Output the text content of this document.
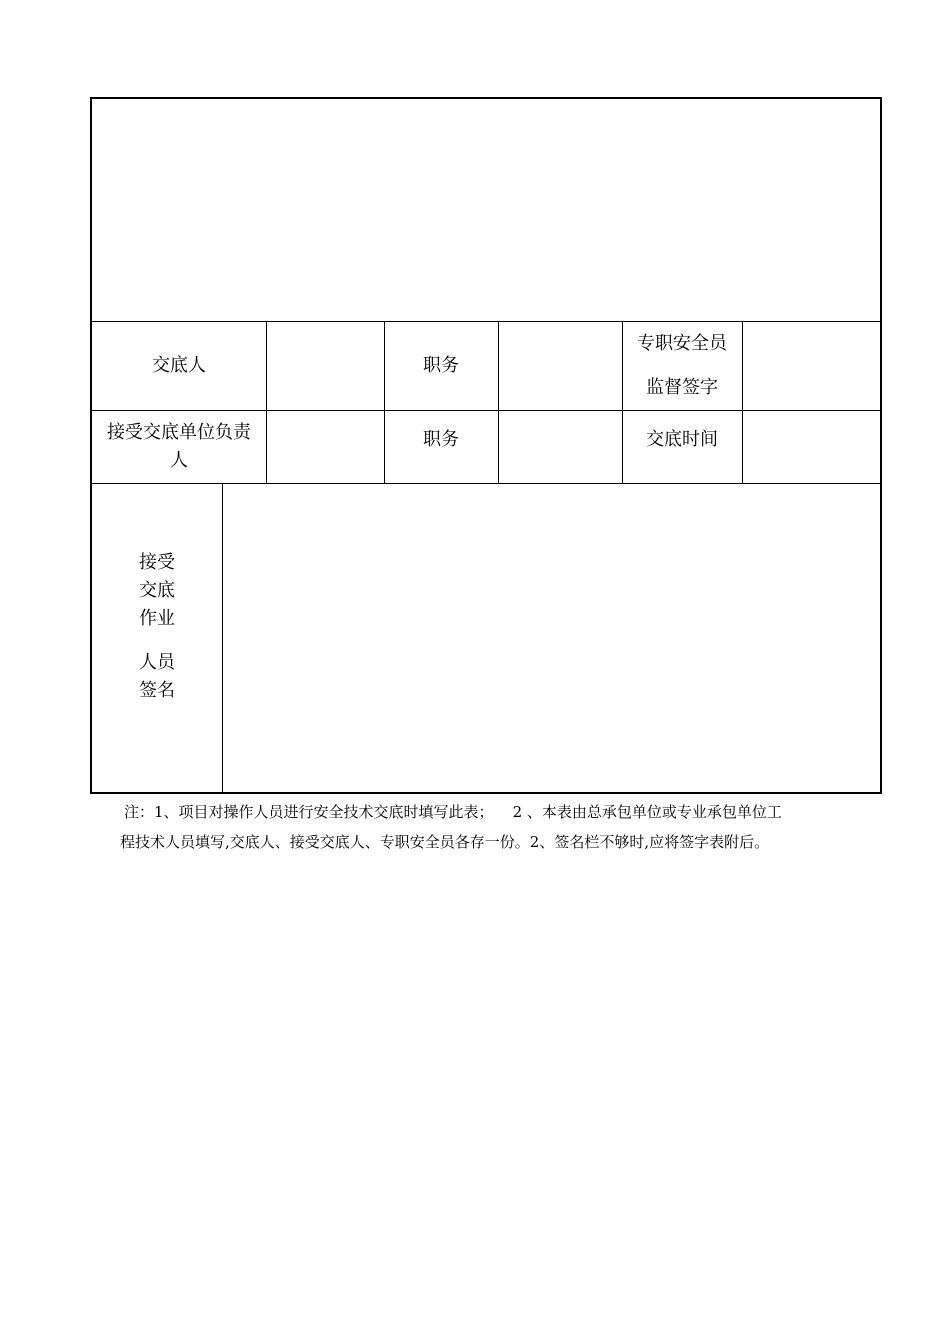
交底人	职务
专职安全员
监督签字
接受交底单位负责
人
职务	交底时间
接受
交底
作业
人员
签名
注：1、项目对操作人员进行安全技术交底时填写此表；    2 、本表由总承包单位或专业承包单位工
程技术人员填写,交底人、接受交底人、专职安全员各存一份。2、签名栏不够时,应将签字表附后。
